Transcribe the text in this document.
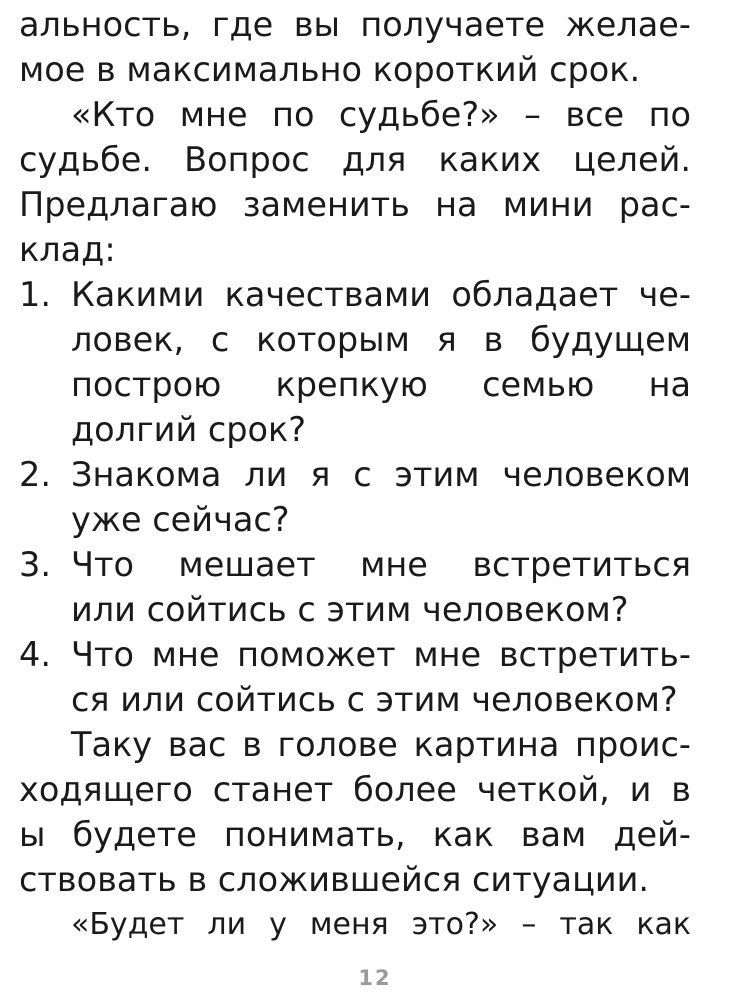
альность, где вы получаете желае-
мое в максимально короткий срок.
«Кто мне по судьбе?» – все по
судьбе. Вопрос для каких целей.
Предлагаю заменить на мини рас-
клад:
1. Какими качествами обладает че-
ловек, с которым я в будущем
построю крепкую семью на
долгий срок?
2. Знакома ли я с этим человеком
уже сейчас?
3. Что мешает мне встретиться
или сойтись с этим человеком?
4. Что мне поможет мне встретить-
ся или сойтись с этим человеком?
Таку вас в голове картина проис-
ходящего станет более четкой, и в
ы будете понимать, как вам дей-
ствовать в сложившейся ситуации.
«Будет ли у меня это?» – так как
12
